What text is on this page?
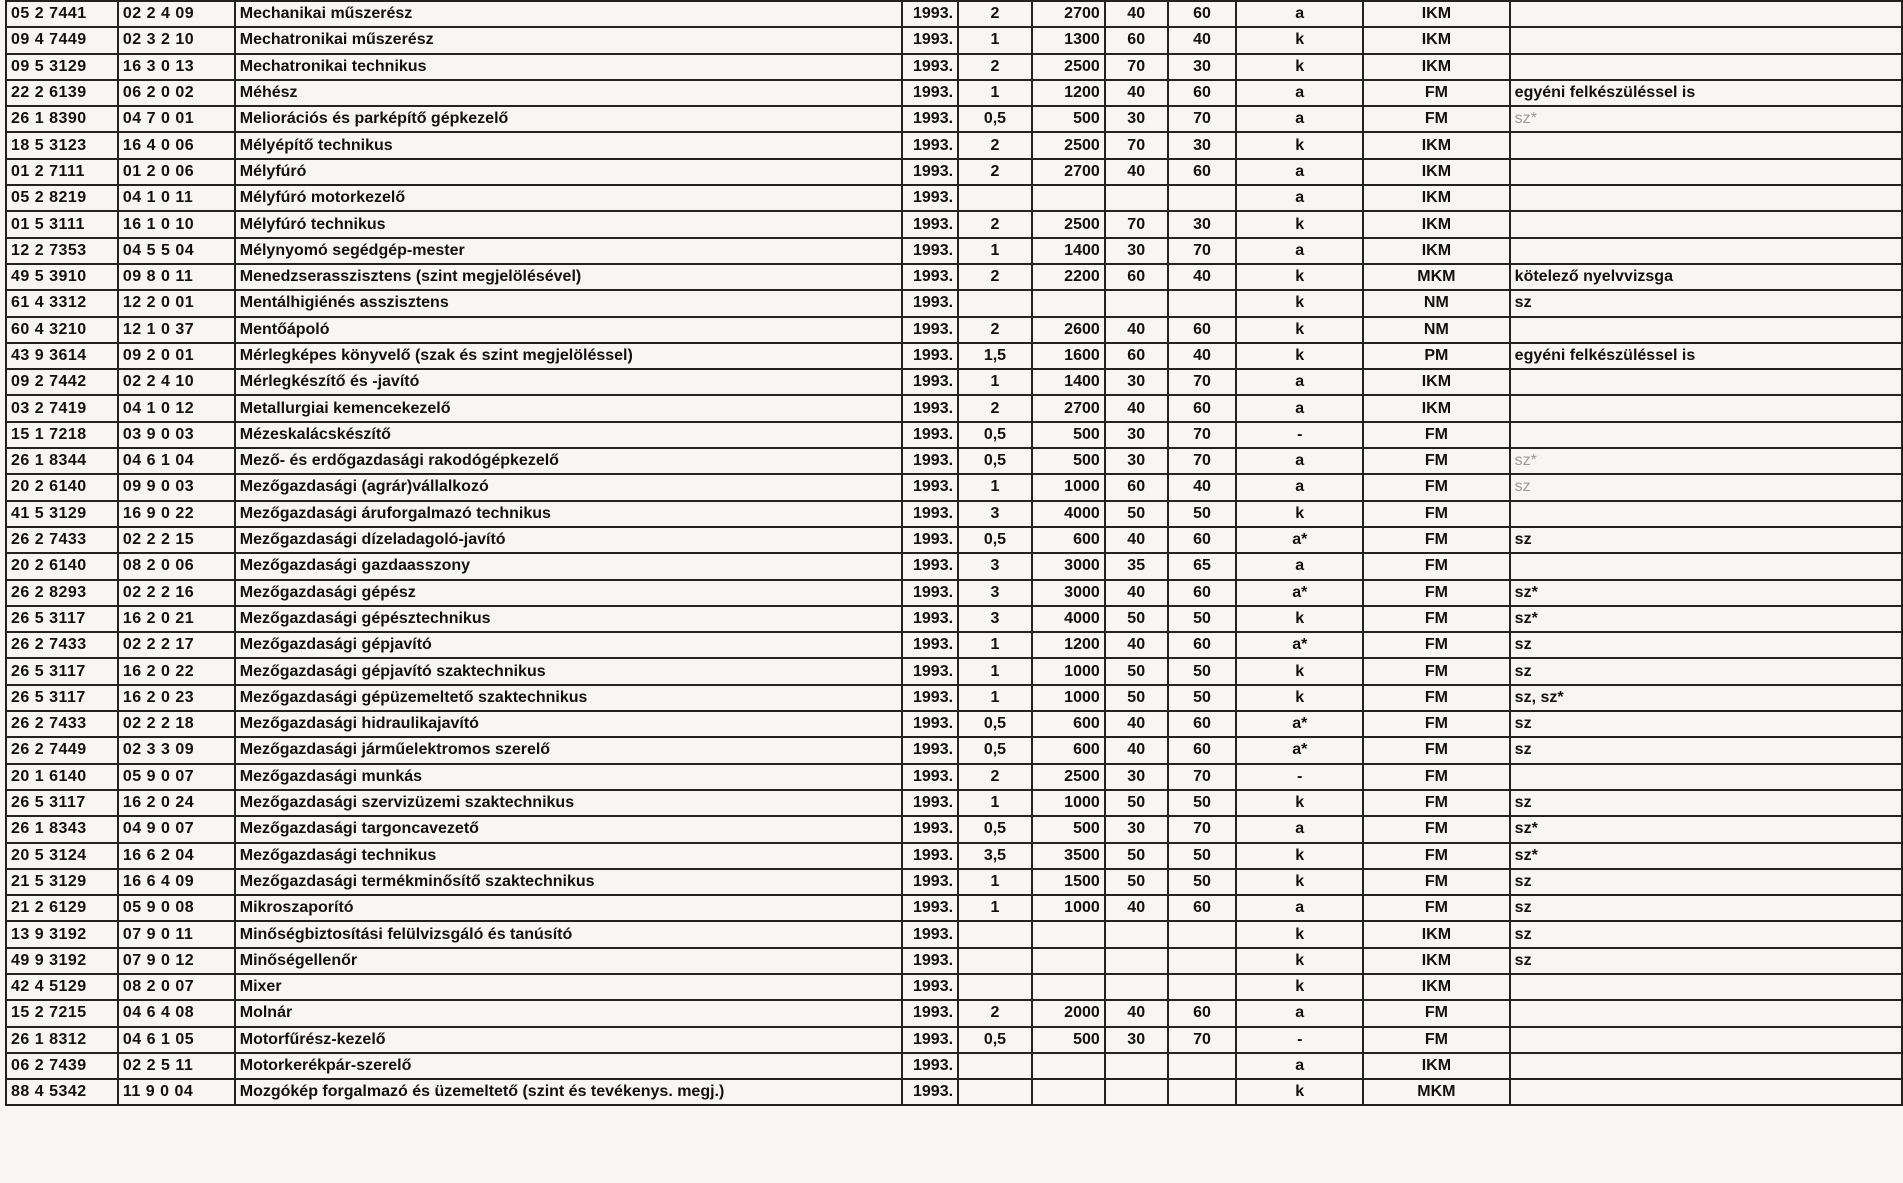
05 2 7441	02 2 4 09	Mechanikai műszerész	1993.	2	2700	40	60	a	IKM	
09 4 7449	02 3 2 10	Mechatronikai műszerész	1993.	1	1300	60	40	k	IKM	
09 5 3129	16 3 0 13	Mechatronikai technikus	1993.	2	2500	70	30	k	IKM	
22 2 6139	06 2 0 02	Méhész	1993.	1	1200	40	60	a	FM	egyéni felkészüléssel is
26 1 8390	04 7 0 01	Meliorációs és parképítő gépkezelő	1993.	0,5	500	30	70	a	FM	sz*
18 5 3123	16 4 0 06	Mélyépítő technikus	1993.	2	2500	70	30	k	IKM	
01 2 7111	01 2 0 06	Mélyfúró	1993.	2	2700	40	60	a	IKM	
05 2 8219	04 1 0 11	Mélyfúró motorkezelő	1993.					a	IKM	
01 5 3111	16 1 0 10	Mélyfúró technikus	1993.	2	2500	70	30	k	IKM	
12 2 7353	04 5 5 04	Mélynyomó segédgép-mester	1993.	1	1400	30	70	a	IKM	
49 5 3910	09 8 0 11	Menedzserasszisztens (szint megjelölésével)	1993.	2	2200	60	40	k	MKM	kötelező nyelvvizsga
61 4 3312	12 2 0 01	Mentálhigiénés asszisztens	1993.					k	NM	sz
60 4 3210	12 1 0 37	Mentőápoló	1993.	2	2600	40	60	k	NM	
43 9 3614	09 2 0 01	Mérlegképes könyvelő (szak és szint megjelöléssel)	1993.	1,5	1600	60	40	k	PM	egyéni felkészüléssel is
09 2 7442	02 2 4 10	Mérlegkészítő és -javító	1993.	1	1400	30	70	a	IKM	
03 2 7419	04 1 0 12	Metallurgiai kemencekezelő	1993.	2	2700	40	60	a	IKM	
15 1 7218	03 9 0 03	Mézeskalácskészítő	1993.	0,5	500	30	70	-	FM	
26 1 8344	04 6 1 04	Mező- és erdőgazdasági rakodógépkezelő	1993.	0,5	500	30	70	a	FM	sz*
20 2 6140	09 9 0 03	Mezőgazdasági (agrár)vállalkozó	1993.	1	1000	60	40	a	FM	sz
41 5 3129	16 9 0 22	Mezőgazdasági áruforgalmazó technikus	1993.	3	4000	50	50	k	FM	
26 2 7433	02 2 2 15	Mezőgazdasági dízeladagoló-javító	1993.	0,5	600	40	60	a*	FM	sz
20 2 6140	08 2 0 06	Mezőgazdasági gazdaasszony	1993.	3	3000	35	65	a	FM	
26 2 8293	02 2 2 16	Mezőgazdasági gépész	1993.	3	3000	40	60	a*	FM	sz*
26 5 3117	16 2 0 21	Mezőgazdasági gépésztechnikus	1993.	3	4000	50	50	k	FM	sz*
26 2 7433	02 2 2 17	Mezőgazdasági gépjavító	1993.	1	1200	40	60	a*	FM	sz
26 5 3117	16 2 0 22	Mezőgazdasági gépjavító szaktechnikus	1993.	1	1000	50	50	k	FM	sz
26 5 3117	16 2 0 23	Mezőgazdasági gépüzemeltető szaktechnikus	1993.	1	1000	50	50	k	FM	sz, sz*
26 2 7433	02 2 2 18	Mezőgazdasági hidraulikajavító	1993.	0,5	600	40	60	a*	FM	sz
26 2 7449	02 3 3 09	Mezőgazdasági járműelektromos szerelő	1993.	0,5	600	40	60	a*	FM	sz
20 1 6140	05 9 0 07	Mezőgazdasági munkás	1993.	2	2500	30	70	-	FM	
26 5 3117	16 2 0 24	Mezőgazdasági szervizüzemi szaktechnikus	1993.	1	1000	50	50	k	FM	sz
26 1 8343	04 9 0 07	Mezőgazdasági targoncavezető	1993.	0,5	500	30	70	a	FM	sz*
20 5 3124	16 6 2 04	Mezőgazdasági technikus	1993.	3,5	3500	50	50	k	FM	sz*
21 5 3129	16 6 4 09	Mezőgazdasági termékminősítő szaktechnikus	1993.	1	1500	50	50	k	FM	sz
21 2 6129	05 9 0 08	Mikroszaporító	1993.	1	1000	40	60	a	FM	sz
13 9 3192	07 9 0 11	Minőségbiztosítási felülvizsgáló és tanúsító	1993.					k	IKM	sz
49 9 3192	07 9 0 12	Minőségellenőr	1993.					k	IKM	sz
42 4 5129	08 2 0 07	Mixer	1993.					k	IKM	
15 2 7215	04 6 4 08	Molnár	1993.	2	2000	40	60	a	FM	
26 1 8312	04 6 1 05	Motorfűrész-kezelő	1993.	0,5	500	30	70	-	FM	
06 2 7439	02 2 5 11	Motorkerékpár-szerelő	1993.					a	IKM	
88 4 5342	11 9 0 04	Mozgókép forgalmazó és üzemeltető (szint és tevékenys. megj.)	1993.					k	MKM	
